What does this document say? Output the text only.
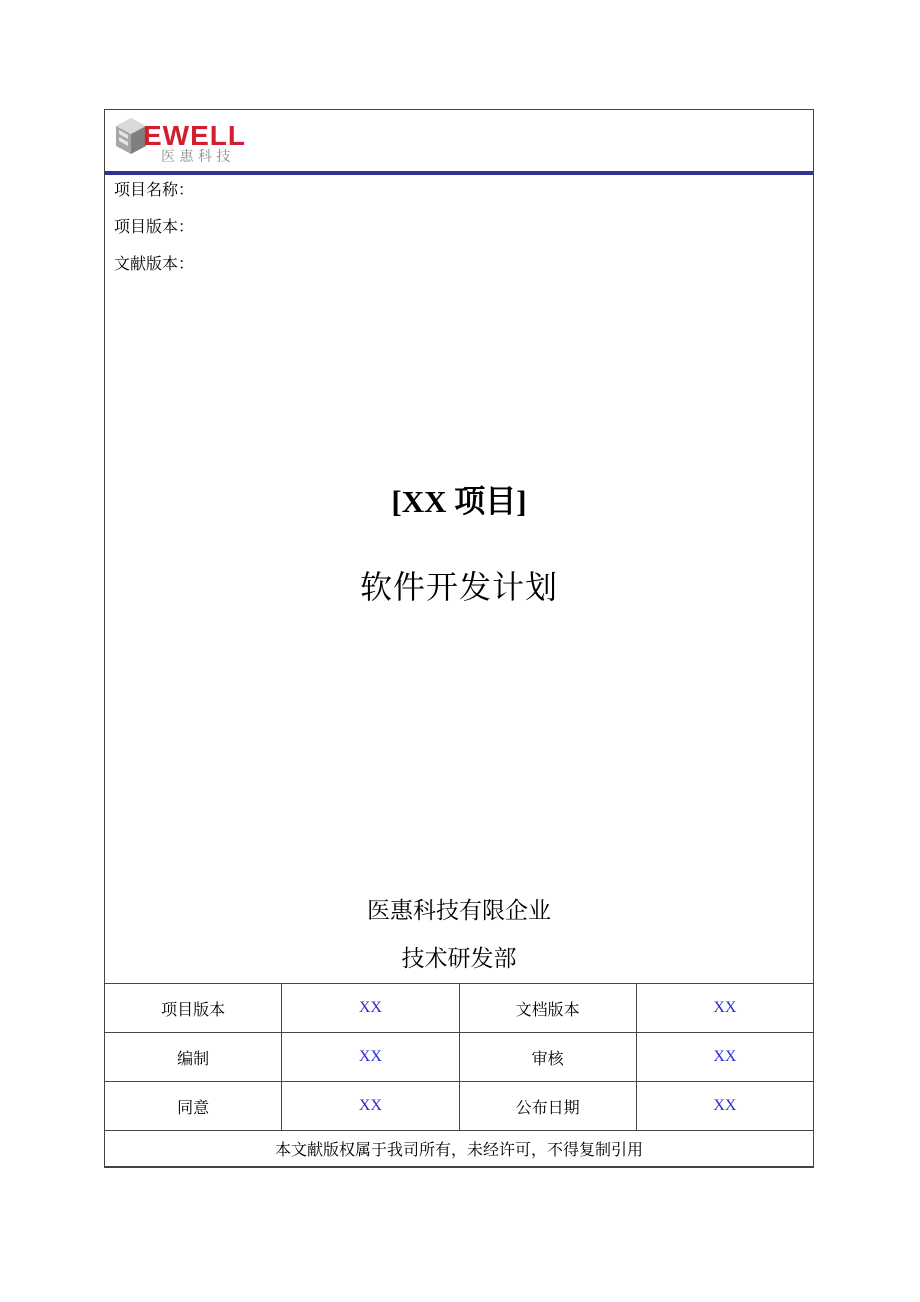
EWELL
医 惠 科 技
项目名称：
项目版本：
文献版本：
[XX 项目]
软件开发计划
医惠科技有限企业
技术研发部
项目版本	XX	文档版本	XX
编制	XX	审核	XX
同意	XX	公布日期	XX
本文献版权属于我司所有，未经许可，不得复制引用			
